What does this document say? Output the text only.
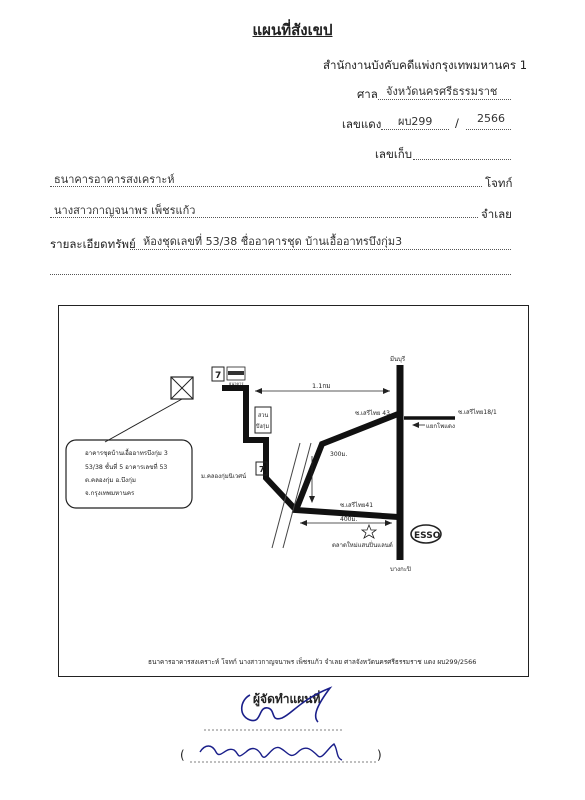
แผนที่สังเขป
สำนักงานบังคับคดีแพ่งกรุงเทพมหานคร 1
ศาล จังหวัดนครศรีธรรมราช
เลขแดง ผบ299 / 2566
เลขเก็บ
ธนาคารอาคารสงเคราะห์	โจทก์
นางสาวกาญจนาพร เพ็ชรแก้ว	จำเลย
รายละเอียดทรัพย์ ห้องชุดเลขที่ 53/38 ชื่ออาคารชุด บ้านเอื้ออาทรบึงกุ่ม3
อาคารชุดบ้านเอื้ออาทรบึงกุ่ม 3
53/38 ชั้นที่ 5 อาคารเลขที่ 53
ต.คลองกุ่ม อ.บึงกุ่ม
จ.กรุงเทพมหานคร
7
7
ธนาคาร
สวน
บึงกุ่ม
1.1กม
300ม.
400ม.
มีนบุรี
บางกะปิ
ซ.เสรีไทย 43	ซ.เสรีไทย18/1
แยกโพแดง
ซ.เสรีไทย41
ม.คลองกุ่มนิเวศน์
ตลาดใหม่แสนปิ่นแลนด์
ESSO
ธนาคารอาคารสงเคราะห์ โจทก์ นางสาวกาญจนาพร เพ็ชรแก้ว จำเลย ศาลจังหวัดนครศรีธรรมราช แดง ผบ299/2566
ผู้จัดทำแผนที่
(	)
